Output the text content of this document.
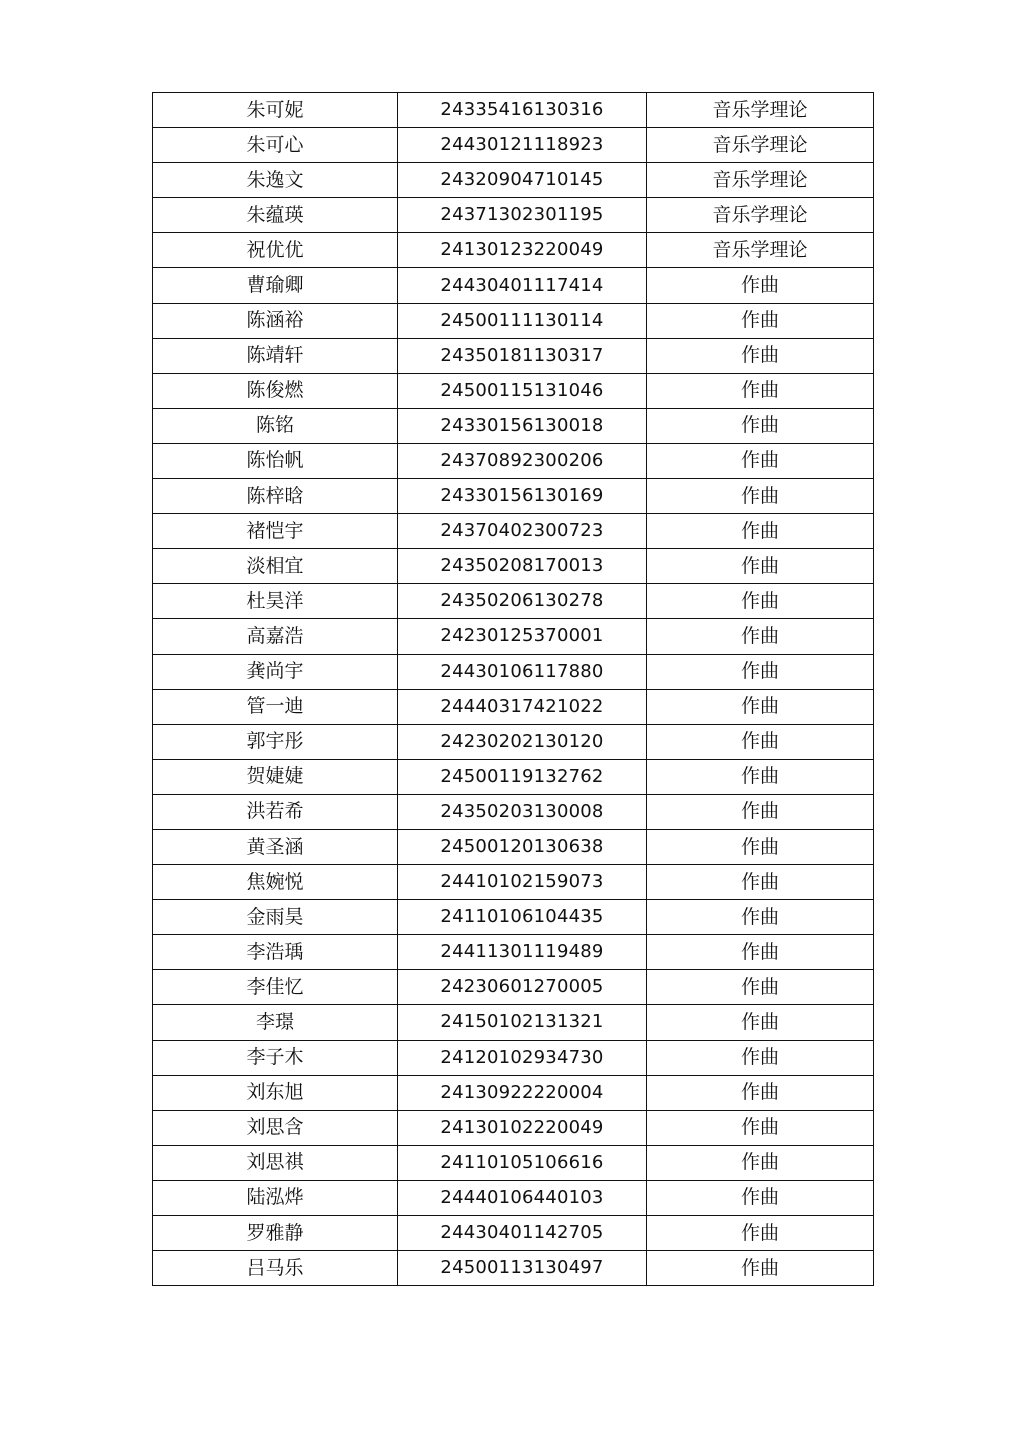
朱可妮	24335416130316	音乐学理论
朱可心	24430121118923	音乐学理论
朱逸文	24320904710145	音乐学理论
朱蕴瑛	24371302301195	音乐学理论
祝优优	24130123220049	音乐学理论
曹瑜卿	24430401117414	作曲
陈涵裕	24500111130114	作曲
陈靖轩	24350181130317	作曲
陈俊燃	24500115131046	作曲
陈铭	24330156130018	作曲
陈怡帆	24370892300206	作曲
陈梓晗	24330156130169	作曲
褚恺宇	24370402300723	作曲
淡相宜	24350208170013	作曲
杜昊洋	24350206130278	作曲
高嘉浩	24230125370001	作曲
龚尚宇	24430106117880	作曲
管一迪	24440317421022	作曲
郭宇彤	24230202130120	作曲
贺婕婕	24500119132762	作曲
洪若希	24350203130008	作曲
黄圣涵	24500120130638	作曲
焦婉悦	24410102159073	作曲
金雨昊	24110106104435	作曲
李浩瑀	24411301119489	作曲
李佳忆	24230601270005	作曲
李璟	24150102131321	作曲
李子木	24120102934730	作曲
刘东旭	24130922220004	作曲
刘思含	24130102220049	作曲
刘思祺	24110105106616	作曲
陆泓烨	24440106440103	作曲
罗雅静	24430401142705	作曲
吕马乐	24500113130497	作曲
